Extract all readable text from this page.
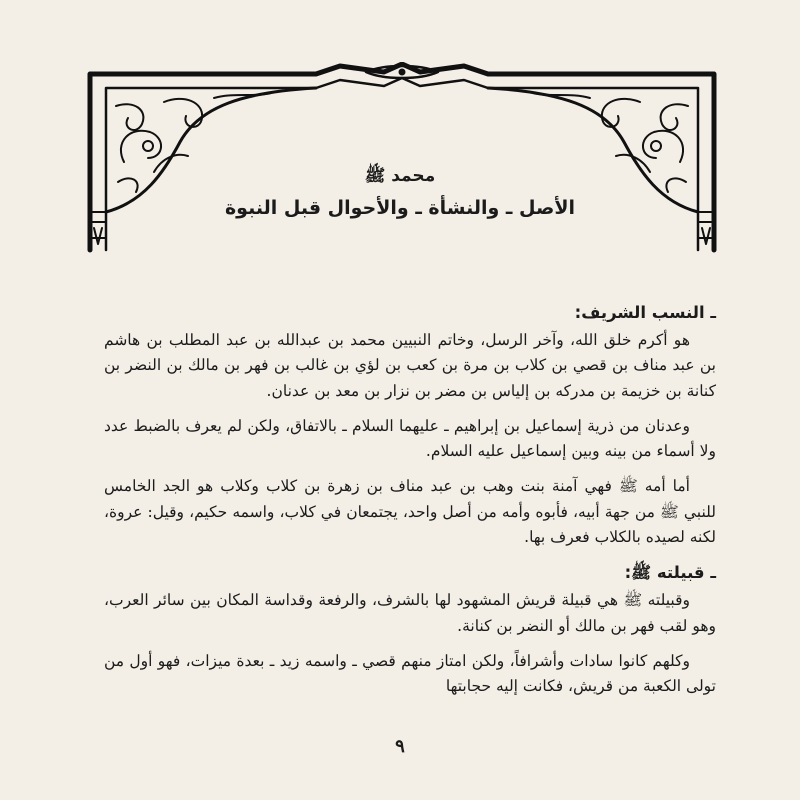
محمد ﷺ
الأصل ـ والنشأة ـ والأحوال قبل النبوة
ـ النسب الشريف:

هو أكرم خلق الله، وآخر الرسل، وخاتم النبيين محمد بن عبدالله بن عبد المطلب بن هاشم بن عبد مناف بن قصي بن كلاب بن مرة بن كعب بن لؤي بن غالب بن فهر بن مالك بن النضر بن كنانة بن خزيمة بن مدركه بن إلياس بن مضر بن نزار بن معد بن عدنان.

وعدنان من ذرية إسماعيل بن إبراهيم ـ عليهما السلام ـ بالاتفاق، ولكن لم يعرف بالضبط عدد ولا أسماء من بينه وبين إسماعيل عليه السلام.

أما أمه ﷺ فهي آمنة بنت وهب بن عبد مناف بن زهرة بن كلاب وكلاب هو الجد الخامس للنبي ﷺ من جهة أبيه، فأبوه وأمه من أصل واحد، يجتمعان في كلاب، واسمه حكيم، وقيل: عروة، لكنه لصيده بالكلاب فعرف بها.

ـ قبيلته ﷺ:

وقبيلته ﷺ هي قبيلة قريش المشهود لها بالشرف، والرفعة وقداسة المكان بين سائر العرب، وهو لقب فهر بن مالك أو النضر بن كنانة.

وكلهم كانوا سادات وأشرافاً، ولكن امتاز منهم قصي ـ واسمه زيد ـ بعدة ميزات، فهو أول من تولى الكعبة من قريش، فكانت إليه حجابتها

٩
